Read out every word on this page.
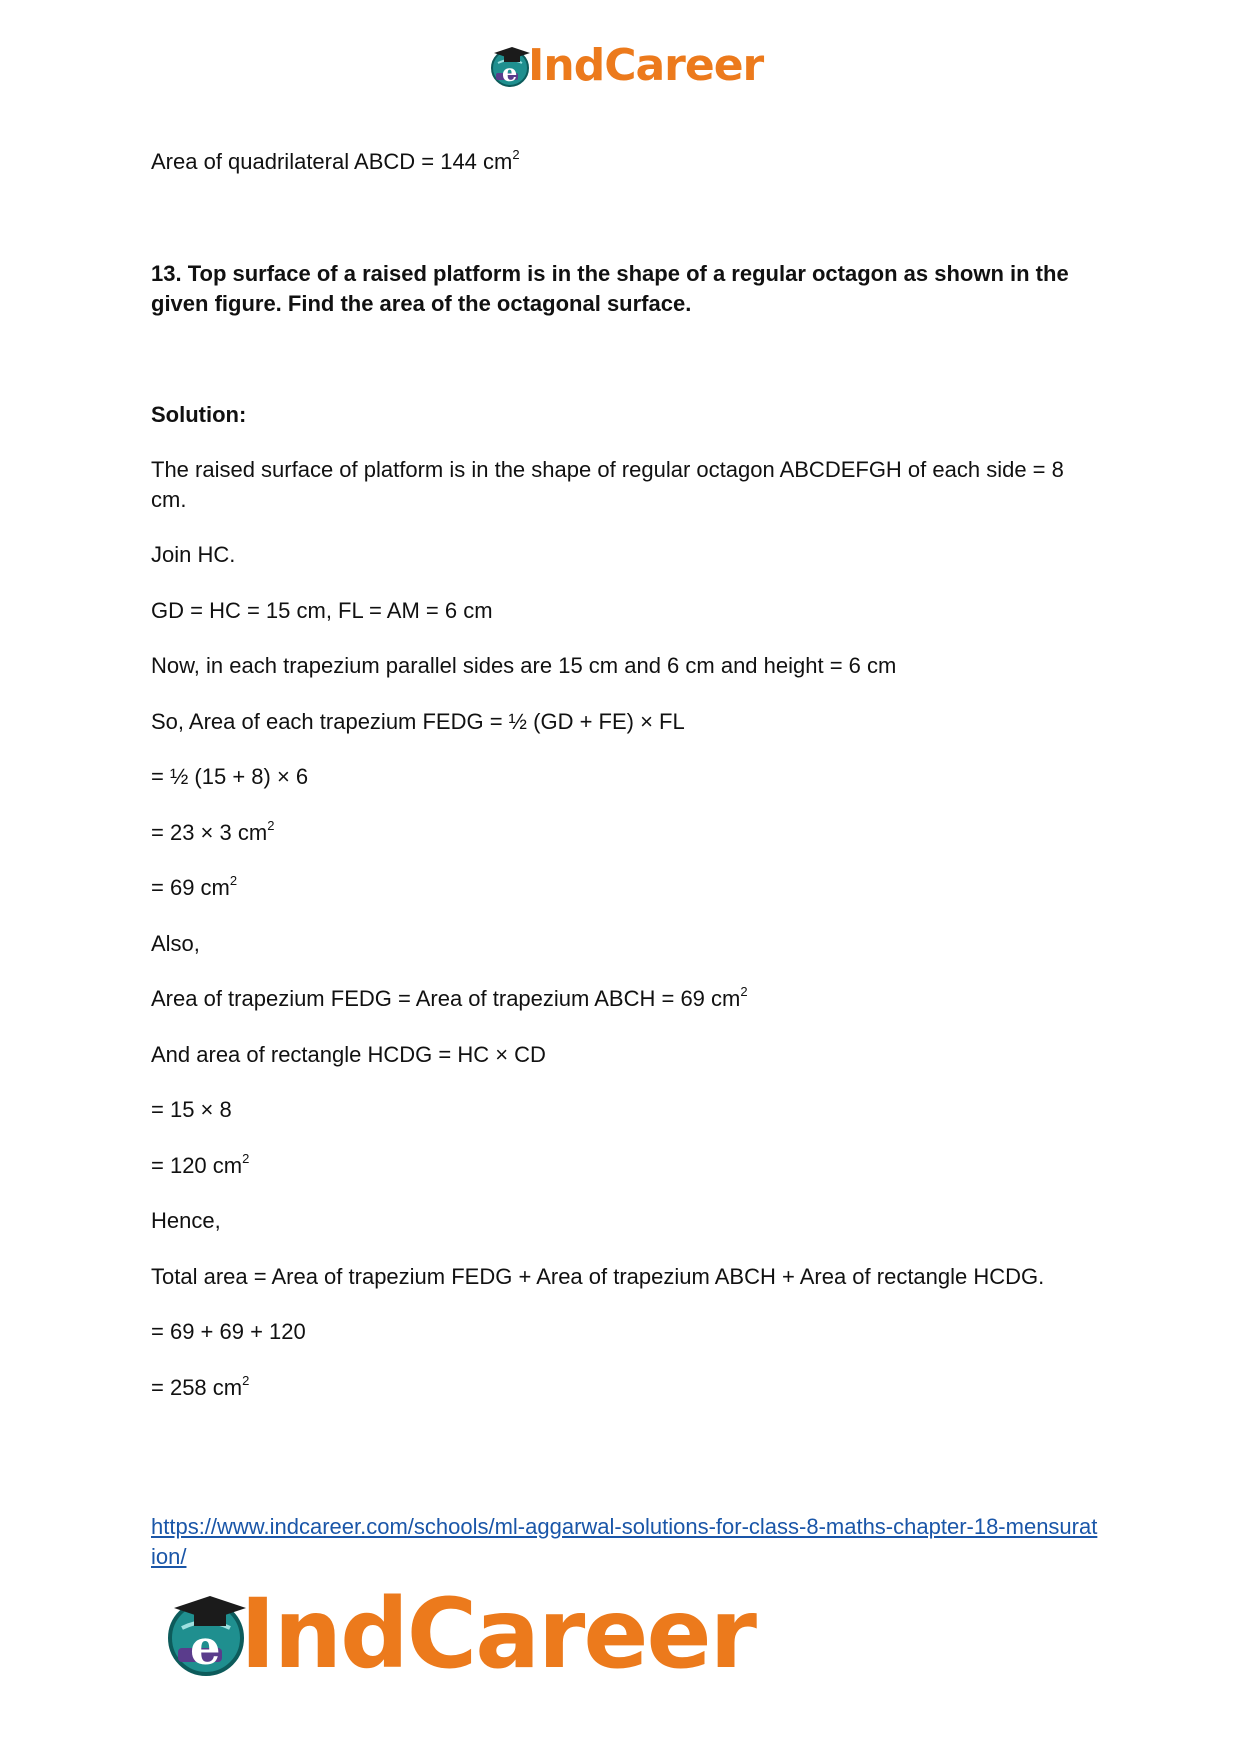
e IndCareer
Area of quadrilateral ABCD = 144 $cm^2$
13. Top surface of a raised platform is in the shape of a regular octagon as shown in the given figure. Find the area of the octagonal surface.
Solution:
The raised surface of platform is in the shape of regular octagon ABCDEFGH of each side = 8 cm.
Join HC.
GD = HC = 15 cm, FL = AM = 6 cm
Now, in each trapezium parallel sides are 15 cm and 6 cm and height = 6 cm
So, Area of each trapezium FEDG = ½ (GD + FE) × FL
= ½ (15 + 8) × 6
= 23 × 3 $cm^2$
= 69 $cm^2$
Also,
Area of trapezium FEDG = Area of trapezium ABCH = 69 $cm^2$
And area of rectangle HCDG = HC × CD
= 15 × 8
= 120 $cm^2$
Hence,
Total area = Area of trapezium FEDG + Area of trapezium ABCH + Area of rectangle HCDG.
= 69 + 69 + 120
= 258 $cm^2$
https://www.indcareer.com/schools/ml-aggarwal-solutions-for-class-8-maths-chapter-18-mensuration/
e IndCareer
